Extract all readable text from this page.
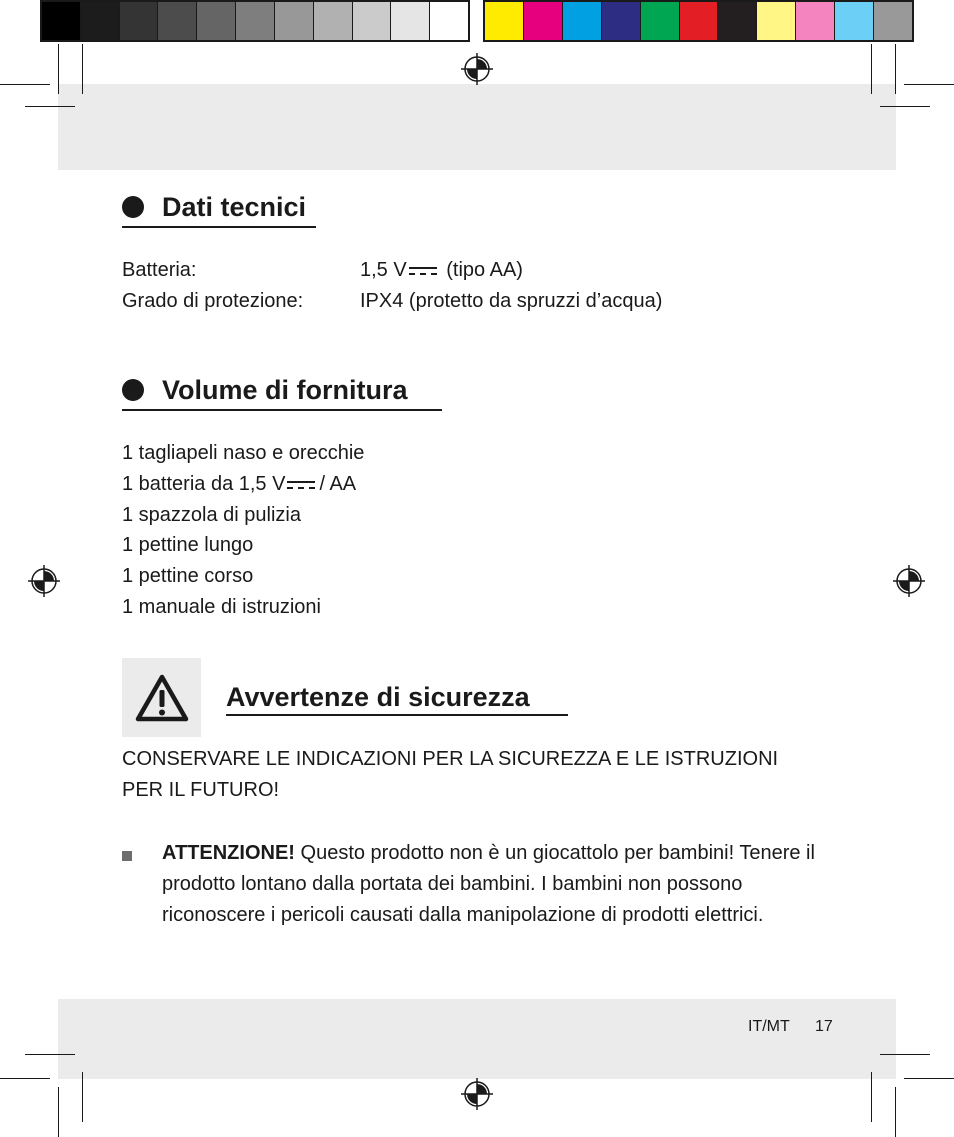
Dati tecnici
Batteria:	1,5 V
(tipo AA)
Grado di protezione:	IPX4 (protetto da spruzzi d’acqua)
Volume di fornitura
1 tagliapeli naso e orecchie
1 batteria da 1,5 V / AA
1 spazzola di pulizia
1 pettine lungo
1 pettine corso
1 manuale di istruzioni
Avvertenze di sicurezza
CONSERVARE LE INDICAZIONI PER LA SICUREZZA E LE ISTRUZIONI PER IL FUTURO!

ATTENZIONE! Questo prodotto non è un giocattolo per bambini! Tenere il prodotto lontano dalla portata dei bambini. I bambini non possono riconoscere i pericoli causati dalla manipolazione di prodotti elettrici.

IT/MT 17
